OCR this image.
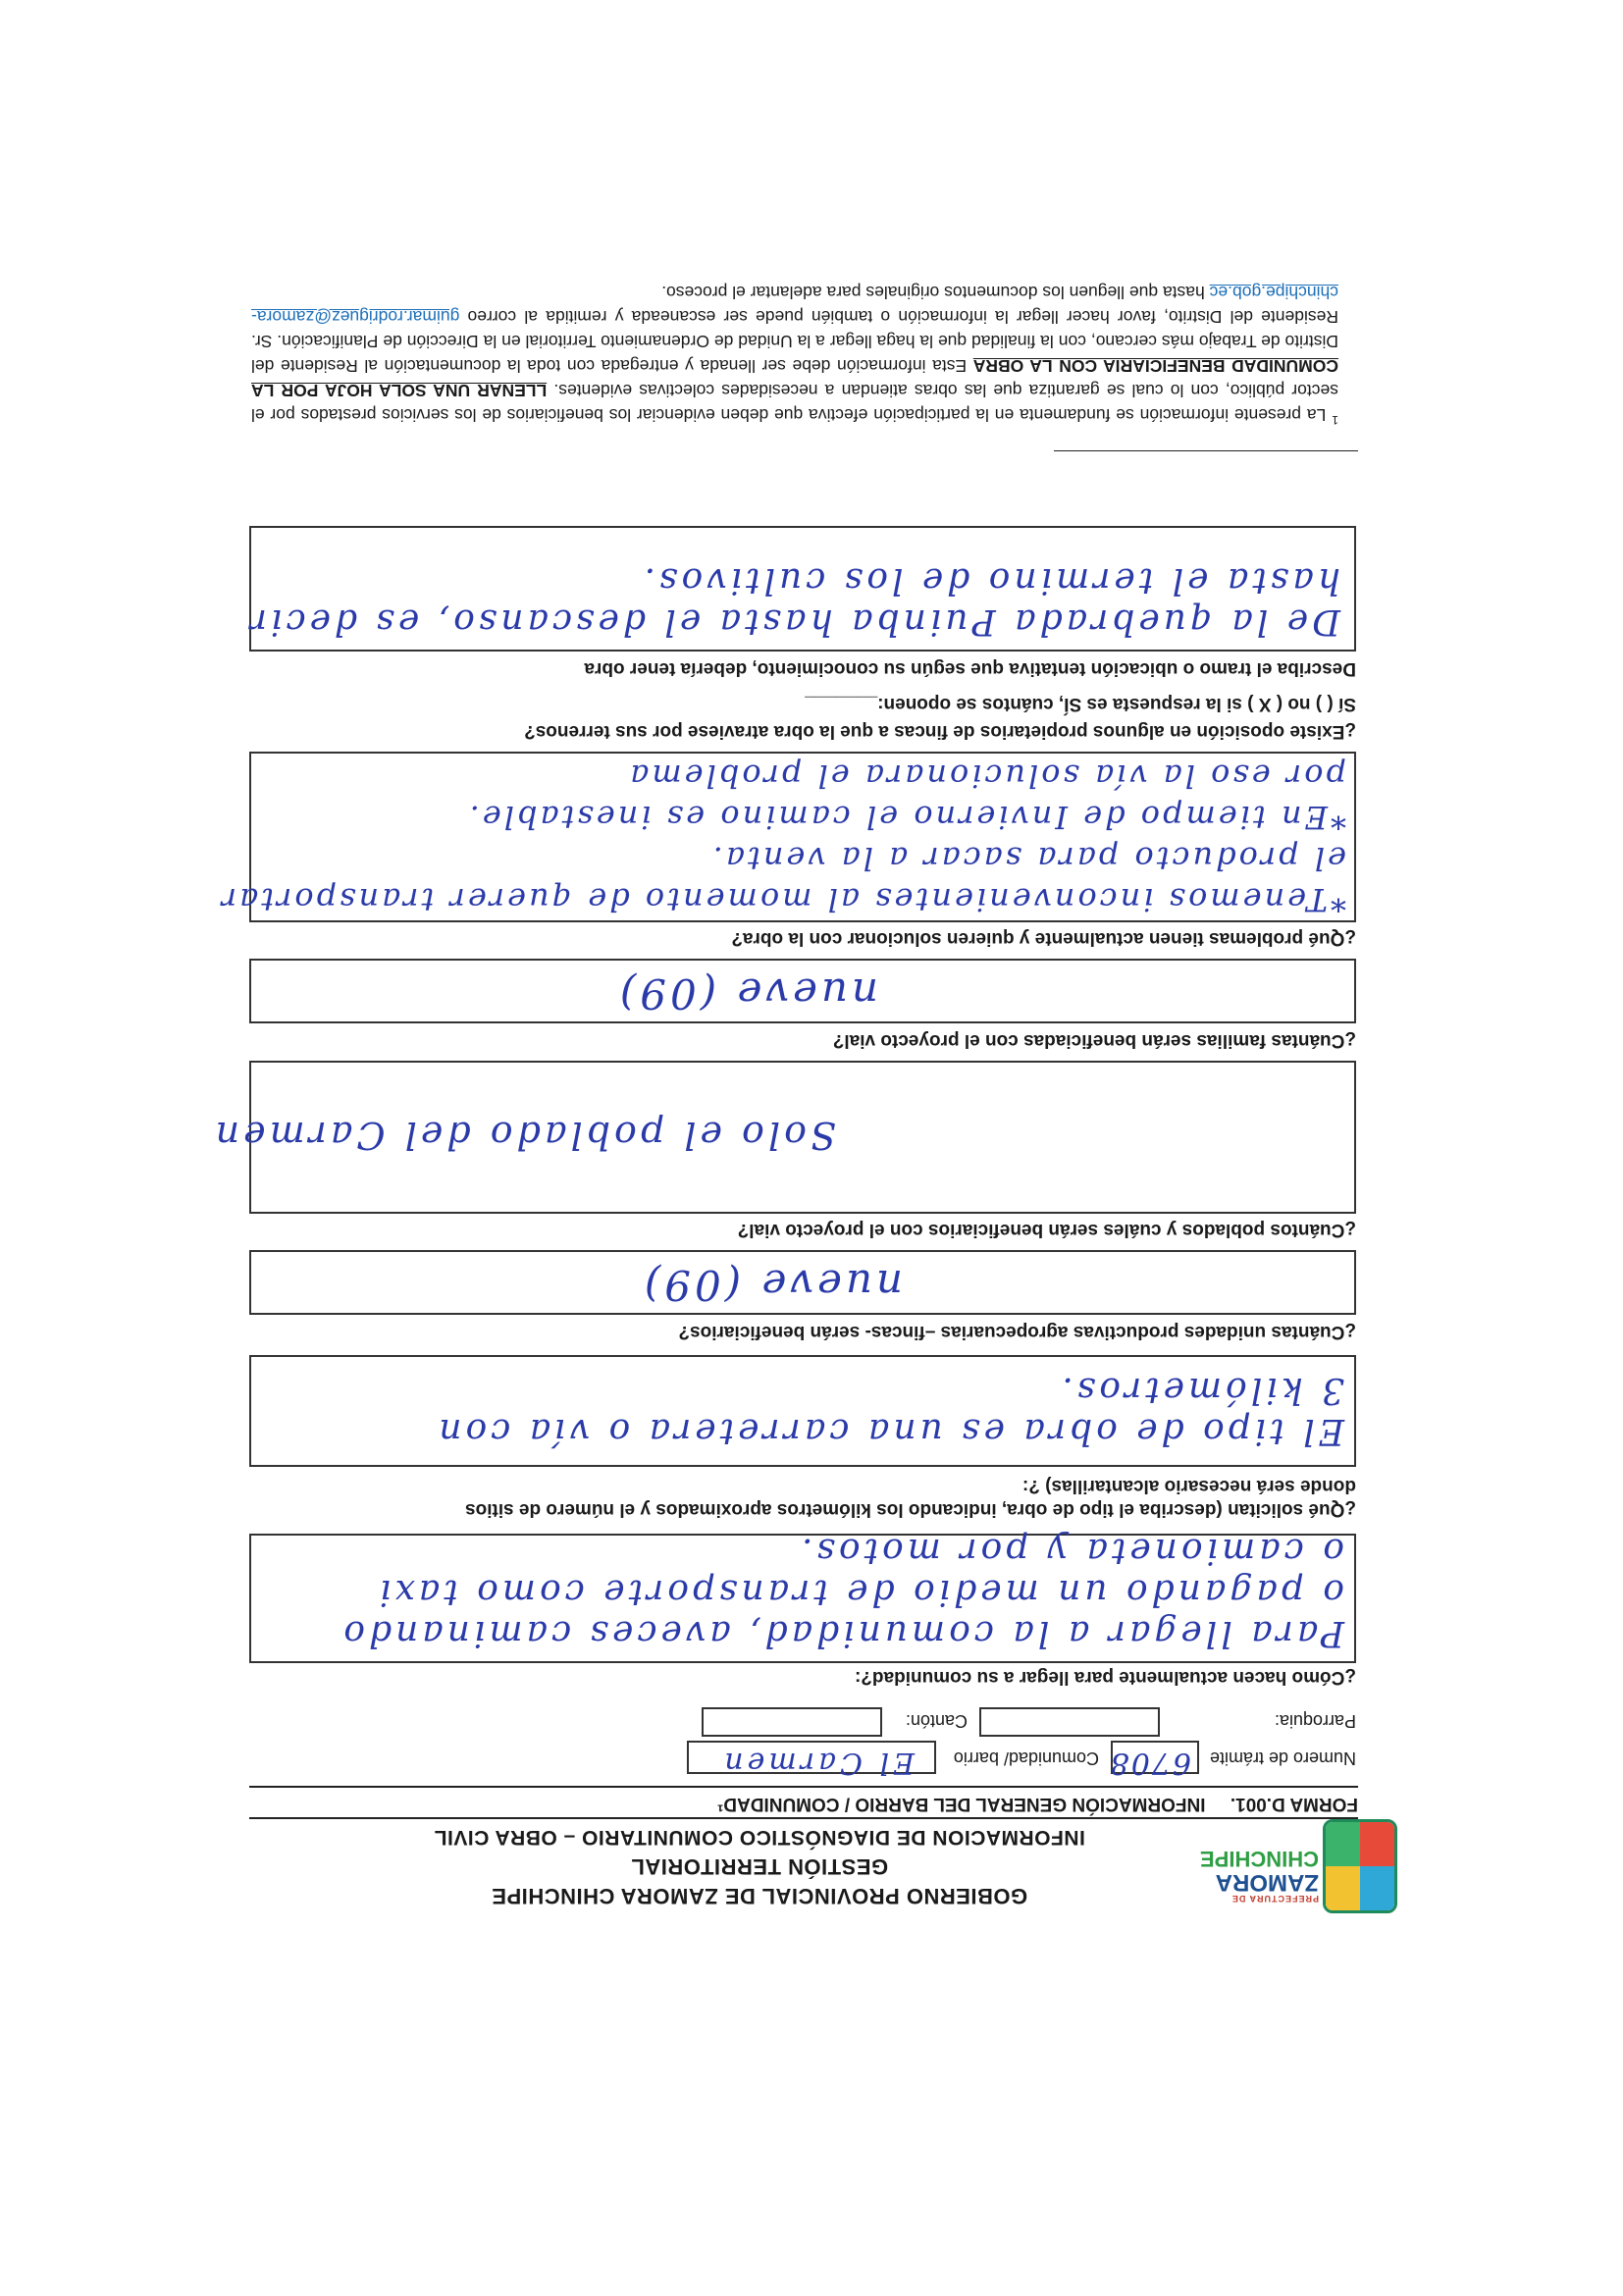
PREFECTURA DE
ZAMORA
CHINCHIPE
GOBIERNO PROVINCIAL DE ZAMORA CHINCHIPE
GESTIÓN TERRITORIAL
INFORMACION DE DIAGNÓSTICO COMUNITARIO – OBRA CIVIL
FORMA D.001. INFORMACIÓN GENERAL DEL BARRIO / COMUNIDAD¹
Numero de trámite
6708
Comunidad/ barrio
El Carmen
Parroquia:
Cantón:
¿Cómo hacen actualmente para llegar a su comunidad?:
Para llegar a la comunidad, aveces caminando
o pagando un medio de transporte como taxi
o camioneta y por motos.
¿Qué solicitan (describa el tipo de obra, indicando los kilómetros aproximados y el número de sitios
donde será necesario alcantarillas) ?:
El tipo de obra es una carretera o vía con
3 kilómetros.
¿Cuántas unidades productivas agropecuarias –fincas- serán beneficiarios?
nueve (09)
¿Cuántos poblados y cuáles serán beneficiarios con el proyecto vial?
Solo el poblado del Carmen
¿Cuántas familias serán beneficiadas con el proyecto vial?
nueve (09)
¿Qué problemas tienen actualmente y quieren solucionar con la obra?
*Tenemos inconvenientes al momento de querer transportar
el producto para sacar a la venta.
*En tiempo de Invierno el camino es inestable.
por eso la vía solucionara el problema
¿Existe oposición en algunos propietarios de fincas a que la obra atraviese por sus terrenos?
Sí ( ) no ( X ) si la respuesta es SÍ, cuántos se oponen:_______
Describa el tramo o ubicación tentativa que según su conocimiento, debería tener obra
De la quebrada Puinba hasta el descanso, es decir
hasta el termino de los cultivos.

$^1$La presente información se fundamenta en la participación efectiva que deben evidenciar los beneficiarios de los servicios prestados por el sector público, con lo cual se garantiza que las obras atiendan a necesidades colectivas evidentes. LLENAR UNA SOLA HOJA POR LA COMUNIDAD BENEFICIARIA CON LA OBRA Esta información debe ser llenada y entregada con toda la documentación al Residente del Distrito de Trabajo más cercano, con la finalidad que la haga llegar a la Unidad de Ordenamiento Territorial en la Dirección de Planificación. Sr. Residente del Distrito, favor hacer llegar la información o también puede ser escaneada y remitida al correo guimar.rodriguez@zamora-chinchipe.gob.ec hasta que lleguen los documentos originales para adelantar el proceso.
